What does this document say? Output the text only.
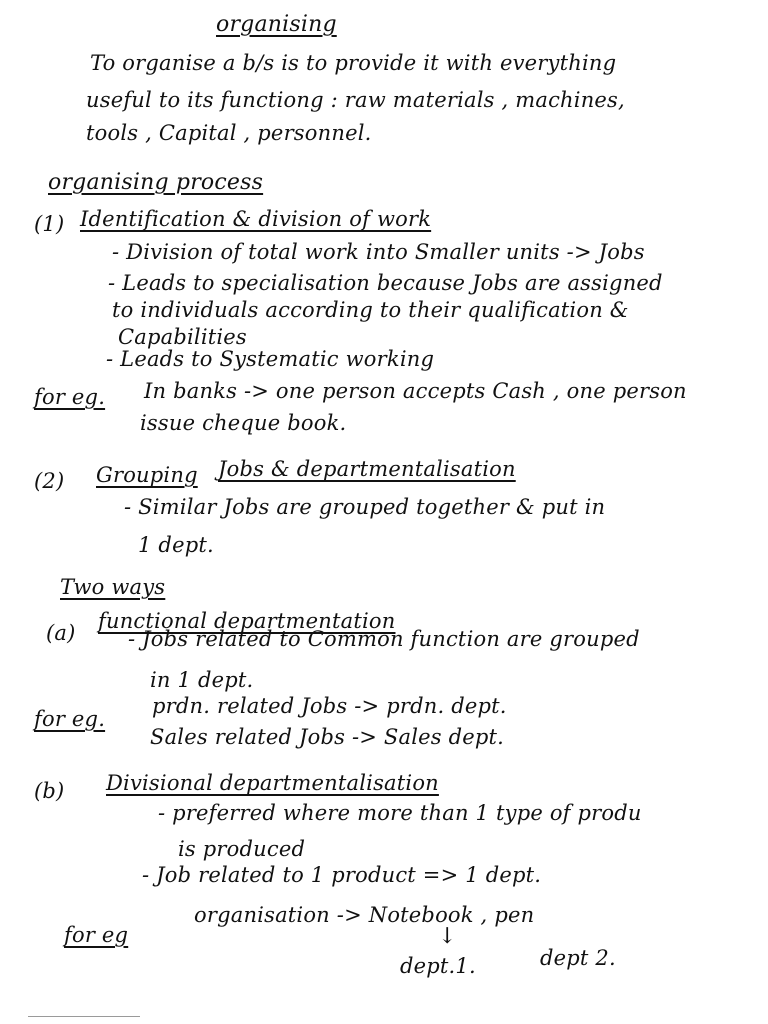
organising
To organise a b/s is to provide it with everything
useful to its functiong : raw materials , machines,
tools , Capital , personnel.
organising process
(1) Identification & division of work
- Division of total work into Smaller units -> Jobs
- Leads to specialisation because Jobs are assigned
to individuals according to their qualification &
Capabilities
- Leads to Systematic working
for eg. In banks -> one person accepts Cash , one person
issue cheque book.
(2) Grouping Jobs & departmentalisation
- Similar Jobs are grouped together & put in
1 dept.
Two ways
(a) functional departmentation
- Jobs related to Common function are grouped
in 1 dept.
for eg.
prdn. related Jobs -> prdn. dept.
Sales related Jobs -> Sales dept.
(b) Divisional departmentalisation
- preferred where more than 1 type of produ
is produced
- Job related to 1 product => 1 dept.
for eg
organisation -> Notebook , pen
↓
dept.1.	dept 2.
